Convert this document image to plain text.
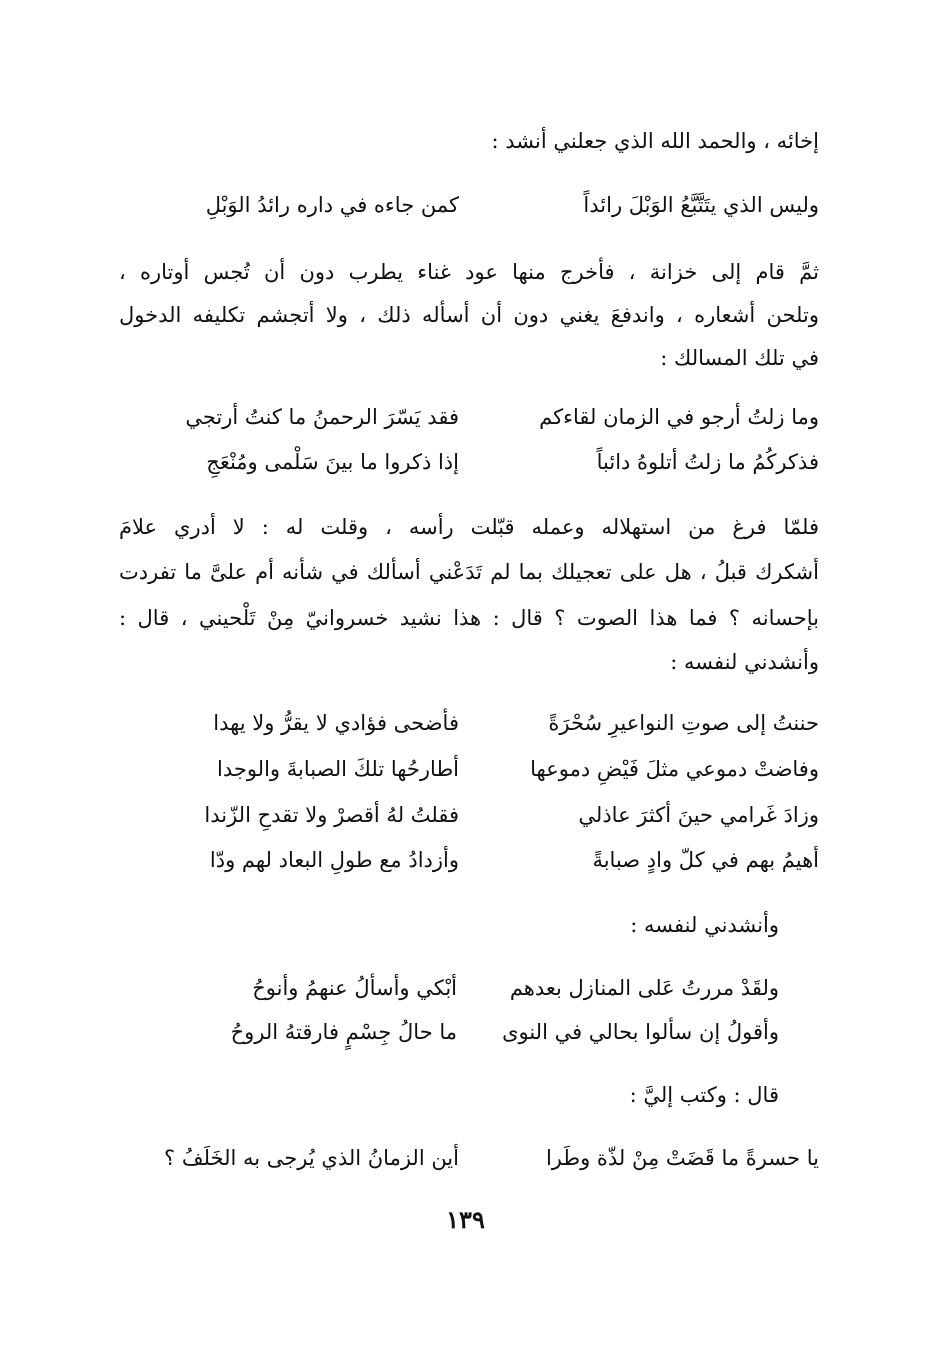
إخائه ، والحمد الله الذي جعلني أنشد :
وليس الذي يتَتَّبَّعُ الوَبْلَ رائداً
كمن جاءه في داره رائدُ الوَبْلِ
ثمَّ قام إلى خزانة ، فأخرج منها عود غناء يطرب دون أن تُجس أوتاره ،
وتلحن أشعاره ، واندفعَ يغني دون أن أسأله ذلك ، ولا أتجشم تكليفه الدخول
في تلك المسالك :
وما زلتُ أرجو في الزمان لقاءكم
فقد يَسّرَ الرحمنُ ما كنتُ أرتجي
فذكركُمُ ما زلتُ أتلوهُ دائباً
إذا ذكروا ما بينَ سَلْمى ومُنْعَجِ
فلمّا فرغ من استهلاله وعمله قبّلت رأسه ، وقلت له : لا أدري علامَ
أشكرك قبلُ ، هل على تعجيلك بما لم تَدَعْني أسألك في شأنه أم علىَّ ما تفردت
بإحسانه ؟ فما هذا الصوت ؟ قال : هذا نشيد خسروانيّ مِنْ تَلْحيني ، قال :
وأنشدني لنفسه :
حننتُ إلى صوتِ النواعيرِ سُحْرَةً
فأضحى فؤادي لا يقرُّ ولا يهدا
وفاضتْ دموعي مثلَ فَيْضِ دموعها
أطارحُها تلكَ الصبابةَ والوجدا
وزادَ غَرامي حينَ أكثرَ عاذلي
فقلتُ لهُ أقصرْ ولا تقدحِ الزّندا
أهيمُ بهم في كلّ وادٍ صبابةً
وأزدادُ مع طولِ البعاد لهم ودّا
وأنشدني لنفسه :
ولقَدْ مررتُ عَلى المنازل بعدهم
أبْكي وأسألُ عنهمُ وأنوحُ
وأقولُ إن سألوا بحالي في النوى
ما حالُ جِسْمٍ فارقتهُ الروحُ
قال : وكتب إليَّ :
يا حسرةً ما قَضَتْ مِنْ لذّة وطَرا
أين الزمانُ الذي يُرجى به الخَلَفُ ؟
١٣٩
